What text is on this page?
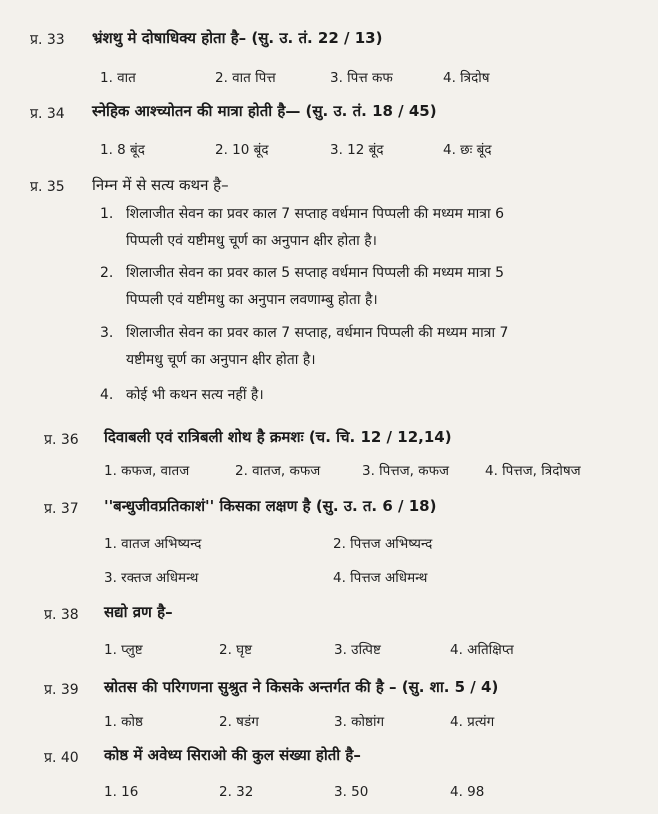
प्र. 33 भ्रंशथु मे दोषाधिक्य होता है– (सु. उ. तं. 22 / 13)
1. वात	2. वात पित्त	3. पित्त कफ	4. त्रिदोष
प्र. 34 स्नेहिक आश्च्योतन की मात्रा होती है— (सु. उ. तं. 18 / 45)
1. 8 बूंद	2. 10 बूंद	3. 12 बूंद	4. छः बूंद
प्र. 35 निम्न में से सत्य कथन है–
1. शिलाजीत सेवन का प्रवर काल 7 सप्ताह वर्धमान पिप्पली की मध्यम मात्रा 6
पिप्पली एवं यष्टीमधु चूर्ण का अनुपान क्षीर होता है।
2. शिलाजीत सेवन का प्रवर काल 5 सप्ताह वर्धमान पिप्पली की मध्यम मात्रा 5
पिप्पली एवं यष्टीमधु का अनुपान लवणाम्बु होता है।
3. शिलाजीत सेवन का प्रवर काल 7 सप्ताह, वर्धमान पिप्पली की मध्यम मात्रा 7
यष्टीमधु चूर्ण का अनुपान क्षीर होता है।
4. कोई भी कथन सत्य नहीं है।
प्र. 36 दिवाबली एवं रात्रिबली शोथ है क्रमशः (च. चि. 12 / 12,14)
1. कफज, वातज	2. वातज, कफज	3. पित्तज, कफज	4. पित्तज, त्रिदोषज
प्र. 37 ''बन्धुजीवप्रतिकाशं'' किसका लक्षण है (सु. उ. त. 6 / 18)
1. वातज अभिष्यन्द	2. पित्तज अभिष्यन्द
3. रक्तज अधिमन्थ	4. पित्तज अधिमन्थ
प्र. 38 सद्यो व्रण है–
1. प्लुष्ट	2. घृष्ट	3. उत्पिष्ट	4. अतिक्षिप्त
प्र. 39 स्रोतस की परिगणना सुश्रुत ने किसके अन्तर्गत की है – (सु. शा. 5 / 4)
1. कोष्ठ	2. षडंग	3. कोष्ठांग	4. प्रत्यंग
प्र. 40 कोष्ठ में अवेध्य सिराओ की कुल संख्या होती है–
1. 16	2. 32	3. 50	4. 98
